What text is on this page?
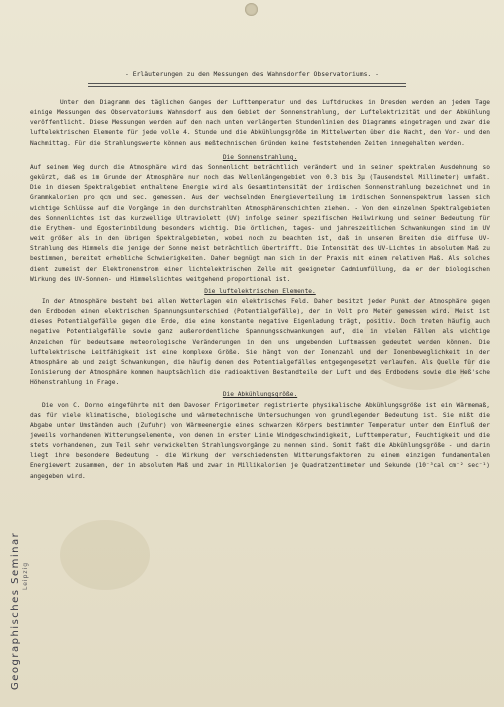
- Erläuterungen zu den Messungen des Wahnsdorfer Observatoriums. -

Unter den Diagramm des täglichen Ganges der Lufttemperatur und des Luftdruckes in Dresden werden an jedem Tage einige Messungen des Observatoriums Wahnsdorf aus dem Gebiet der Sonnenstrahlung, der Luftelektrizität und der Abkühlung veröffentlicht. Diese Messungen werden auf den nach unten verlängerten Stundenlinien des Diagramms eingetragen und zwar die luftelektrischen Elemente für jede volle 4. Stunde und die Abkühlungsgröße im Mittelwerten über die Nacht, den Vor- und den Nachmittag. Für die Strahlungswerte können aus meßtechnischen Gründen keine feststehenden Zeiten innegehalten werden.

Die Sonnenstrahlung.

Auf seinem Weg durch die Atmosphäre wird das Sonnenlicht beträchtlich verändert und in seiner spektralen Ausdehnung so gekürzt, daß es im Grunde der Atmosphäre nur noch das Wellenlängengebiet von 0.3 bis 3μ (Tausendstel Millimeter) umfaßt. Die in diesem Spektralgebiet enthaltene Energie wird als Gesamtintensität der irdischen Sonnenstrahlung bezeichnet und in Grammkalorien pro qcm und sec. gemessen. Aus der wechselnden Energieverteilung im irdischen Sonnenspektrum lassen sich wichtige Schlüsse auf die Vorgänge in den durchstrahlten Atmosphärenschichten ziehen. - Von den einzelnen Spektralgebieten des Sonnenlichtes ist das kurzwellige Ultraviolett (UV) infolge seiner spezifischen Heilwirkung und seiner Bedeutung für die Erythem- und Egosterinbildung besonders wichtig. Die örtlichen, tages- und jahreszeitlichen Schwankungen sind im UV weit größer als in den übrigen Spektralgebieten, wobei noch zu beachten ist, daß in unseren Breiten die diffuse UV-Strahlung des Himmels die jenige der Sonne meist beträchtlich übertrifft. Die Intensität des UV-Lichtes in absolutem Maß zu bestimmen, bereitet erhebliche Schwierigkeiten. Daher begnügt man sich in der Praxis mit einem relativen Maß. Als solches dient zumeist der Elektronenstrom einer lichtelektrischen Zelle mit geeigneter Cadmiumfüllung, da er der biologischen Wirkung des UV-Sonnen- und Himmelslichtes weitgehend proportional ist.

Die luftelektrischen Elemente.

In der Atmosphäre besteht bei allen Wetterlagen ein elektrisches Feld. Daher besitzt jeder Punkt der Atmosphäre gegen den Erdboden einen elektrischen Spannungsunterschied (Potentialgefälle), der in Volt pro Meter gemessen wird. Meist ist dieses Potentialgefälle gegen die Erde, die eine konstante negative Eigenladung trägt, positiv. Doch treten häufig auch negative Potentialgefälle sowie ganz außerordentliche Spannungsschwankungen auf, die in vielen Fällen als wichtige Anzeichen für bedeutsame meteorologische Veränderungen in den uns umgebenden Luftmassen gedeutet werden können. Die luftelektrische Leitfähigkeit ist eine komplexe Größe. Sie hängt von der Ionenzahl und der Ionenbeweglichkeit in der Atmosphäre ab und zeigt Schwankungen, die häufig denen des Potentialgefälles entgegengesetzt verlaufen. Als Quelle für die Ionisierung der Atmosphäre kommen hauptsächlich die radioaktiven Bestandteile der Luft und des Erdbodens sowie die Heß'sche Höhenstrahlung in Frage.

Die Abkühlungsgröße.

Die von C. Dorno eingeführte mit dem Davoser Frigorimeter registrierte physikalische Abkühlungsgröße ist ein Wärmemaß, das für viele klimatische, biologische und wärmetechnische Untersuchungen von grundlegender Bedeutung ist. Sie mißt die Abgabe unter Umständen auch (Zufuhr) von Wärmeenergie eines schwarzen Körpers bestimmter Temperatur unter dem Einfluß der jeweils vorhandenen Witterungselemente, von denen in erster Linie Windgeschwindigkeit, Lufttemperatur, Feuchtigkeit und die stets vorhandenen, zum Teil sehr verwickelten Strahlungsvorgänge zu nennen sind. Somit faßt die Abkühlungsgröße - und darin liegt ihre besondere Bedeutung - die Wirkung der verschiedensten Witterungsfaktoren zu einem einzigen fundamentalen Energiewert zusammen, der in absolutem Maß und zwar in Millikalorien je Quadratzentimeter und Sekunde (10⁻³cal cm⁻² sec⁻¹) angegeben wird.

Geographisches Seminar Leipzig
